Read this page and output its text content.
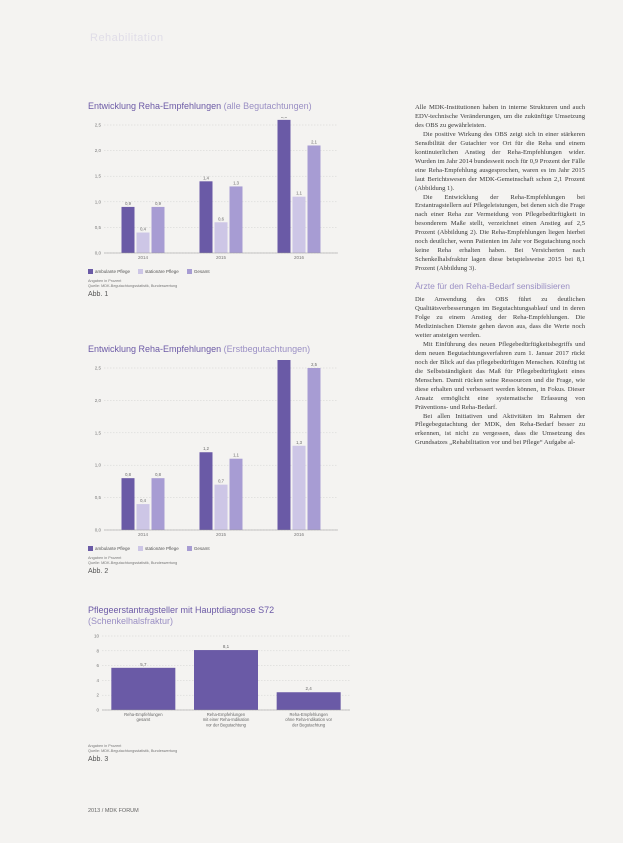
Rehabilitation

Entwicklung Reha-Empfehlungen (alle Begutachtungen)

0,0
0,5
1,0
1,5
2,0
2,5
0,9
0,4
0,9
2014
1,4
0,6
1,3
2015
1,1
2,1
2016
ambulante Pflege	stationäre Pflege	Gesamt
Angaben in Prozent
Quelle: MDK-Begutachtungsstatistik, Bundeswertung
Abb. 1

Entwicklung Reha-Empfehlungen (Erstbegutachtungen)

0,0
0,5
1,0
1,5
2,0
2,5
0,8
0,4
0,8
2014
1,2
0,7
1,1
2015
1,3
2,5
2016
ambulante Pflege	stationäre Pflege	Gesamt
Angaben in Prozent
Quelle: MDK-Begutachtungsstatistik, Bundeswertung
Abb. 2

Pflegeerstantragsteller mit Hauptdiagnose S72
(Schenkelhalsfraktur)

0
2
4
6
8
10
5,7
Reha-Empfehlungen
gesamt
8,1
Reha-Empfehlungen
mit einer Reha-Indikation
vor der Begutachtung
2,4
Reha-Empfehlungen
ohne Reha-Indikation vor
der Begutachtung
Angaben in Prozent
Quelle: MDK-Begutachtungsstatistik, Bundeswertung
Abb. 3

Alle MDK-Institutionen haben in interne Strukturen und auch EDV-technische Veränderungen, um die zukünftige Umsetzung des OBS zu gewährleisten.

Die positive Wirkung des OBS zeigt sich in einer stärkeren Sensibilität der Gutachter vor Ort für die Reha und einem kontinuierlichen Anstieg der Reha-Empfehlungen wider. Wurden im Jahr 2014 bundesweit noch für 0,9 Prozent der Fälle eine Reha-Empfehlung ausgesprochen, waren es im Jahr 2015 laut Berichtswesen der MDK-Gemeinschaft schon 2,1 Prozent (Abbildung 1).

Die Entwicklung der Reha-Empfehlungen bei Erstantragstellern auf Pflegeleistungen, bei denen sich die Frage nach einer Reha zur Vermeidung von Pflegebedürftigkeit in besonderem Maße stellt, verzeichnet einen Anstieg auf 2,5 Prozent (Abbildung 2). Die Reha-Empfehlungen liegen hierbei noch deutlicher, wenn Patienten im Jahr vor Begutachtung noch keine Reha erhalten haben. Bei Versicherten nach Schenkelhalsfraktur lagen diese beispielsweise 2015 bei 8,1 Prozent (Abbildung 3).

Ärzte für den Reha-Bedarf sensibilisieren

Die Anwendung des OBS führt zu deutlichen Qualitätsverbesserungen im Begutachtungsablauf und in deren Folge zu einem Anstieg der Reha-Empfehlungen. Die Medizinischen Dienste gehen davon aus, dass die Werte noch weiter ansteigen werden.

Mit Einführung des neuen Pflegebedürftigkeitsbegriffs und dem neuen Begutachtungsverfahren zum 1. Januar 2017 rückt noch der Blick auf das pflegebedürftigen Menschen. Künftig ist die Selbstständigkeit das Maß für Pflegebedürftigkeit eines Menschen. Damit rücken seine Ressourcen und die Frage, wie diese erhalten und verbessert werden können, in Fokus. Dieser Ansatz ermöglicht eine systematische Erfassung von Präventions- und Reha-Bedarf.

Bei allen Initiativen und Aktivitäten im Rahmen der Pflegebegutachtung der MDK, den Reha-Bedarf besser zu erkennen, ist nicht zu vergessen, dass die Umsetzung des Grundsatzes „Rehabilitation vor und bei Pflege“ Aufgabe al-

2013 / MDK FORUM
